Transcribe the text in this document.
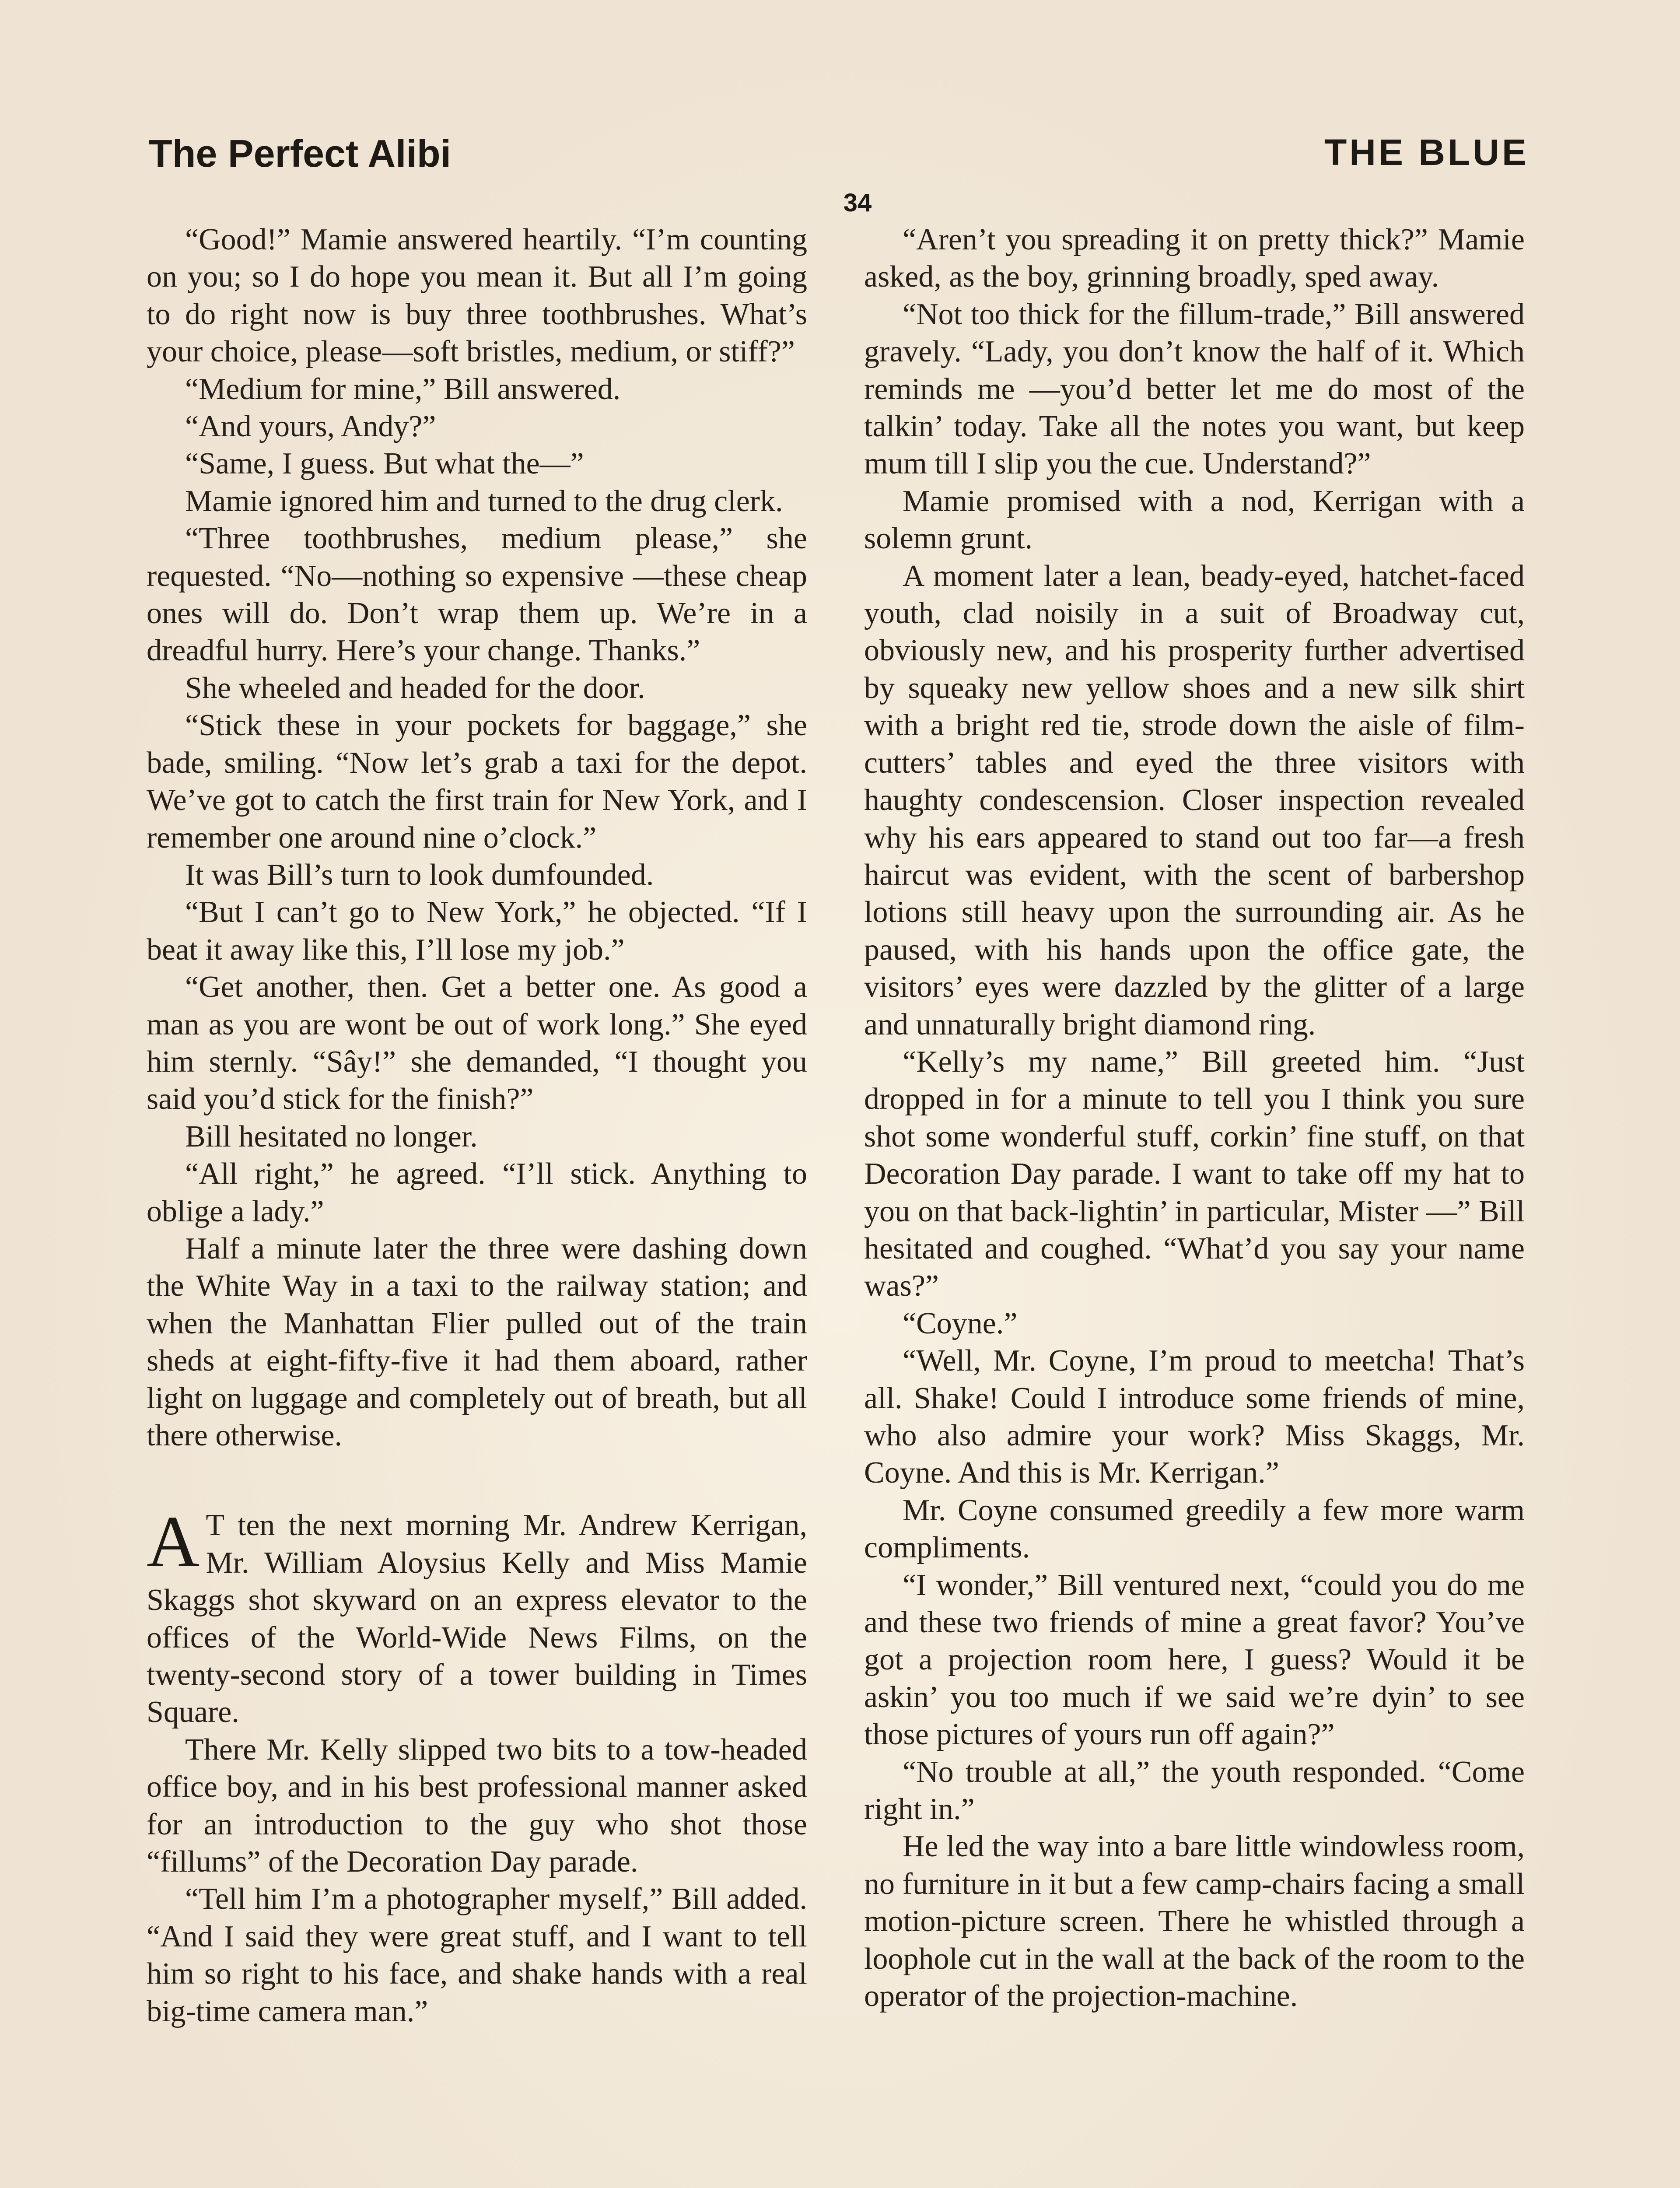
The Perfect Alibi	THE BLUE
34

“Good!” Mamie answered heartily. “I’m counting on you; so I do hope you mean it. But all I’m going to do right now is buy three toothbrushes. What’s your choice, please—soft bristles, medium, or stiff?”

“Medium for mine,” Bill answered.

“And yours, Andy?”

“Same, I guess. But what the—”

Mamie ignored him and turned to the drug clerk.

“Three toothbrushes, medium please,” she requested. “No—nothing so expensive —these cheap ones will do. Don’t wrap them up. We’re in a dreadful hurry. Here’s your change. Thanks.”

She wheeled and headed for the door.

“Stick these in your pockets for baggage,” she bade, smiling. “Now let’s grab a taxi for the depot. We’ve got to catch the first train for New York, and I remember one around nine o’clock.”

It was Bill’s turn to look dumfounded.

“But I can’t go to New York,” he objected. “If I beat it away like this, I’ll lose my job.”

“Get another, then. Get a better one. As good a man as you are wont be out of work long.” She eyed him sternly. “Sây!” she demanded, “I thought you said you’d stick for the finish?”

Bill hesitated no longer.

“All right,” he agreed. “I’ll stick. Anything to oblige a lady.”

Half a minute later the three were dashing down the White Way in a taxi to the railway station; and when the Manhattan Flier pulled out of the train sheds at eight-fifty-five it had them aboard, rather light on luggage and completely out of breath, but all there otherwise.

A T ten the next morning Mr. Andrew Kerrigan, Mr. William Aloysius Kelly and Miss Mamie Skaggs shot skyward on an express elevator to the offices of the World-Wide News Films, on the twenty-second story of a tower building in Times Square.

There Mr. Kelly slipped two bits to a tow-headed office boy, and in his best professional manner asked for an introduction to the guy who shot those “fillums” of the Decoration Day parade.

“Tell him I’m a photographer myself,” Bill added. “And I said they were great stuff, and I want to tell him so right to his face, and shake hands with a real big-time camera man.”

“Aren’t you spreading it on pretty thick?” Mamie asked, as the boy, grinning broadly, sped away.

“Not too thick for the fillum-trade,” Bill answered gravely. “Lady, you don’t know the half of it. Which reminds me —you’d better let me do most of the talkin’ today. Take all the notes you want, but keep mum till I slip you the cue. Understand?”

Mamie promised with a nod, Kerrigan with a solemn grunt.

A moment later a lean, beady-eyed, hatchet-faced youth, clad noisily in a suit of Broadway cut, obviously new, and his prosperity further advertised by squeaky new yellow shoes and a new silk shirt with a bright red tie, strode down the aisle of film-cutters’ tables and eyed the three visitors with haughty condescension. Closer inspection revealed why his ears appeared to stand out too far—a fresh haircut was evident, with the scent of barbershop lotions still heavy upon the surrounding air. As he paused, with his hands upon the office gate, the visitors’ eyes were dazzled by the glitter of a large and unnaturally bright diamond ring.

“Kelly’s my name,” Bill greeted him. “Just dropped in for a minute to tell you I think you sure shot some wonderful stuff, corkin’ fine stuff, on that Decoration Day parade. I want to take off my hat to you on that back-lightin’ in particular, Mister —” Bill hesitated and coughed. “What’d you say your name was?”

“Coyne.”

“Well, Mr. Coyne, I’m proud to meetcha! That’s all. Shake! Could I introduce some friends of mine, who also admire your work? Miss Skaggs, Mr. Coyne. And this is Mr. Kerrigan.”

Mr. Coyne consumed greedily a few more warm compliments.

“I wonder,” Bill ventured next, “could you do me and these two friends of mine a great favor? You’ve got a projection room here, I guess? Would it be askin’ you too much if we said we’re dyin’ to see those pictures of yours run off again?”

“No trouble at all,” the youth responded. “Come right in.”

He led the way into a bare little windowless room, no furniture in it but a few camp-chairs facing a small motion-picture screen. There he whistled through a loophole cut in the wall at the back of the room to the operator of the projection-machine.
